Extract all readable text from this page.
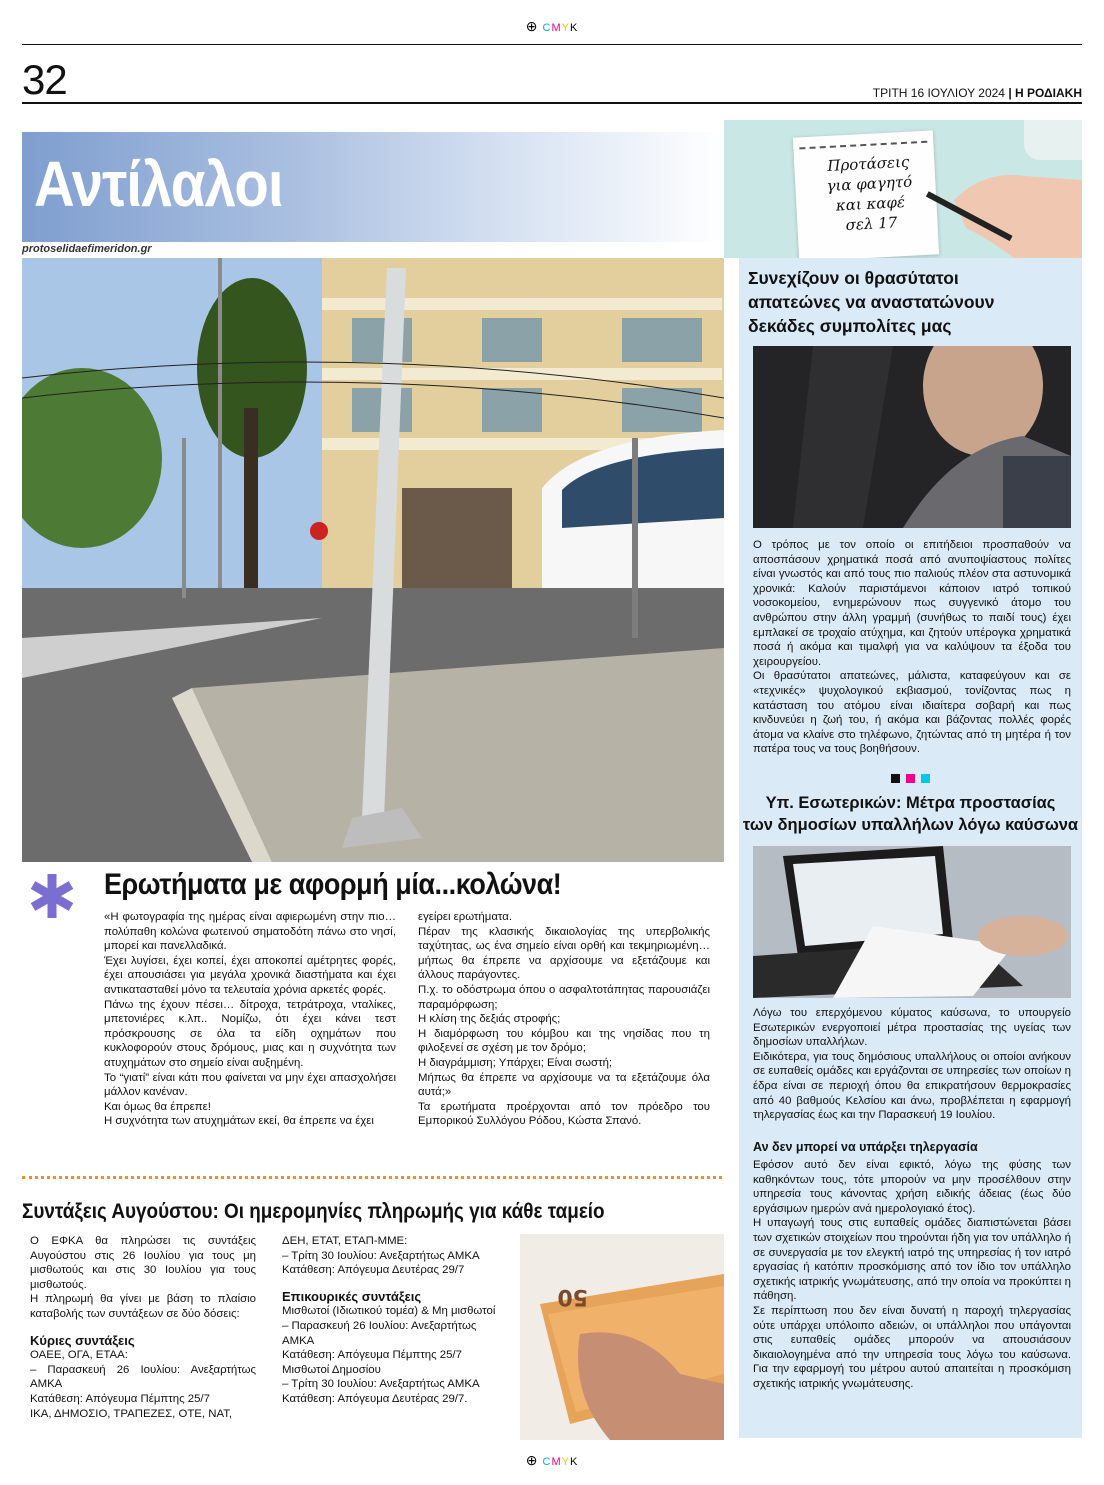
⊕ CMYK
⊕ CMYK
32	ΤΡΙΤΗ 16 ΙΟΥΛΙΟΥ 2024 | Η ΡΟΔΙΑΚΗ
Αντίλαλοι
protoselidaefimeridon.gr
Προτάσεις
για φαγητό
και καφέ
σελ 17
Ερωτήματα με αφορμή μία...κολώνα!
«Η φωτογραφία της ημέρας είναι αφιερωμένη στην πιο… πολύπαθη κολώνα φωτεινού σηματοδότη πάνω στο νησί, μπορεί και πανελλαδικά.
Έχει λυγίσει, έχει κοπεί, έχει αποκοπεί αμέτρητες φορές, έχει απουσιάσει για μεγάλα χρονικά διαστήματα και έχει αντικατασταθεί μόνο τα τελευταία χρόνια αρκετές φορές.
Πάνω της έχουν πέσει… δίτροχα, τετράτροχα, νταλίκες, μπετονιέρες κ.λπ.. Νομίζω, ότι έχει κάνει τεστ πρόσκρουσης σε όλα τα είδη οχημάτων που κυκλοφορούν στους δρόμους, μιας και η συχνότητα των ατυχημάτων στο σημείο είναι αυξημένη.
Το “γιατί” είναι κάτι που φαίνεται να μην έχει απασχολήσει μάλλον κανέναν.
Και όμως θα έπρεπε!
Η συχνότητα των ατυχημάτων εκεί, θα έπρεπε να έχει
εγείρει ερωτήματα.
Πέραν της κλασικής δικαιολογίας της υπερβολικής ταχύτητας, ως ένα σημείο είναι ορθή και τεκμηριωμένη… μήπως θα έπρεπε να αρχίσουμε να εξετάζουμε και άλλους παράγοντες.
Π.χ. το οδόστρωμα όπου ο ασφαλτοτάπητας παρουσιάζει παραμόρφωση;
Η κλίση της δεξιάς στροφής;
Η διαμόρφωση του κόμβου και της νησίδας που τη φιλοξενεί σε σχέση με τον δρόμο;
Η διαγράμμιση; Υπάρχει; Είναι σωστή;
Μήπως θα έπρεπε να αρχίσουμε να τα εξετάζουμε όλα αυτά;»
Τα ερωτήματα προέρχονται από τον πρόεδρο του Εμπορικού Συλλόγου Ρόδου, Κώστα Σπανό.
Συνεχίζουν οι θρασύτατοι
απατεώνες να αναστατώνουν
δεκάδες συμπολίτες μας
Ο τρόπος με τον οποίο οι επιτήδειοι προσπαθούν να αποσπάσουν χρηματικά ποσά από ανυποψίαστους πολίτες είναι γνωστός και από τους πιο παλιούς πλέον στα αστυνομικά χρονικά: Καλούν παριστάμενοι κάποιον ιατρό τοπικού νοσοκομείου, ενημερώνουν πως συγγενικό άτομο του ανθρώπου στην άλλη γραμμή (συνήθως το παιδί τους) έχει εμπλακεί σε τροχαίο ατύχημα, και ζητούν υπέρογκα χρηματικά ποσά ή ακόμα και τιμαλφή για να καλύψουν τα έξοδα του χειρουργείου.
Οι θρασύτατοι απατεώνες, μάλιστα, καταφεύγουν και σε «τεχνικές» ψυχολογικού εκβιασμού, τονίζοντας πως η κατάσταση του ατόμου είναι ιδιαίτερα σοβαρή και πως κινδυνεύει η ζωή του, ή ακόμα και βάζοντας πολλές φορές άτομα να κλαίνε στο τηλέφωνο, ζητώντας από τη μητέρα ή τον πατέρα τους να τους βοηθήσουν.
Υπ. Εσωτερικών: Μέτρα προστασίας
των δημοσίων υπαλλήλων λόγω καύσωνα
Λόγω του επερχόμενου κύματος καύσωνα, το υπουργείο Εσωτερικών ενεργοποιεί μέτρα προστασίας της υγείας των δημοσίων υπαλλήλων.
Ειδικότερα, για τους δημόσιους υπαλλήλους οι οποίοι ανήκουν σε ευπαθείς ομάδες και εργάζονται σε υπηρεσίες των οποίων η έδρα είναι σε περιοχή όπου θα επικρατήσουν θερμοκρασίες από 40 βαθμούς Κελσίου και άνω, προβλέπεται η εφαρμογή τηλεργασίας έως και την Παρασκευή 19 Ιουλίου.
Αν δεν μπορεί να υπάρξει τηλεργασία
Εφόσον αυτό δεν είναι εφικτό, λόγω της φύσης των καθηκόντων τους, τότε μπορούν να μην προσέλθουν στην υπηρεσία τους κάνοντας χρήση ειδικής άδειας (έως δύο εργάσιμων ημερών ανά ημερολογιακό έτος).
Η υπαγωγή τους στις ευπαθείς ομάδες διαπιστώνεται βάσει των σχετικών στοιχείων που τηρούνται ήδη για τον υπάλληλο ή σε συνεργασία με τον ελεγκτή ιατρό της υπηρεσίας ή τον ιατρό εργασίας ή κατόπιν προσκόμισης από τον ίδιο τον υπάλληλο σχετικής ιατρικής γνωμάτευσης, από την οποία να προκύπτει η πάθηση.
Σε περίπτωση που δεν είναι δυνατή η παροχή τηλεργασίας ούτε υπάρχει υπόλοιπο αδειών, οι υπάλληλοι που υπάγονται στις ευπαθείς ομάδες μπορούν να απουσιάσουν δικαιολογημένα από την υπηρεσία τους λόγω του καύσωνα. Για την εφαρμογή του μέτρου αυτού απαιτείται η προσκόμιση σχετικής ιατρικής γνωμάτευσης.
Συντάξεις Αυγούστου: Οι ημερομηνίες πληρωμής για κάθε ταμείο
Ο ΕΦΚΑ θα πληρώσει τις συντάξεις Αυγούστου στις 26 Ιουλίου για τους μη μισθωτούς και στις 30 Ιουλίου για τους μισθωτούς.
Η πληρωμή θα γίνει με βάση το πλαίσιο καταβολής των συντάξεων σε δύο δόσεις:
Κύριες συντάξεις
ΟΑΕΕ, ΟΓΑ, ΕΤΑΑ:
– Παρασκευή 26 Ιουλίου: Ανεξαρτήτως ΑΜΚΑ
Κατάθεση: Απόγευμα Πέμπτης 25/7
ΙΚΑ, ΔΗΜΟΣΙΟ, ΤΡΑΠΕΖΕΣ, ΟΤΕ, ΝΑΤ,
ΔΕΗ, ΕΤΑΤ, ΕΤΑΠ-ΜΜΕ:
– Τρίτη 30 Ιουλίου: Ανεξαρτήτως ΑΜΚΑ
Κατάθεση: Απόγευμα Δευτέρας 29/7
Επικουρικές συντάξεις
Μισθωτοί (Ιδιωτικού τομέα) & Μη μισθωτοί
– Παρασκευή 26 Ιουλίου: Ανεξαρτήτως ΑΜΚΑ
Κατάθεση: Απόγευμα Πέμπτης 25/7
Μισθωτοί Δημοσίου
– Τρίτη 30 Ιουλίου: Ανεξαρτήτως ΑΜΚΑ
Κατάθεση: Απόγευμα Δευτέρας 29/7.
50
